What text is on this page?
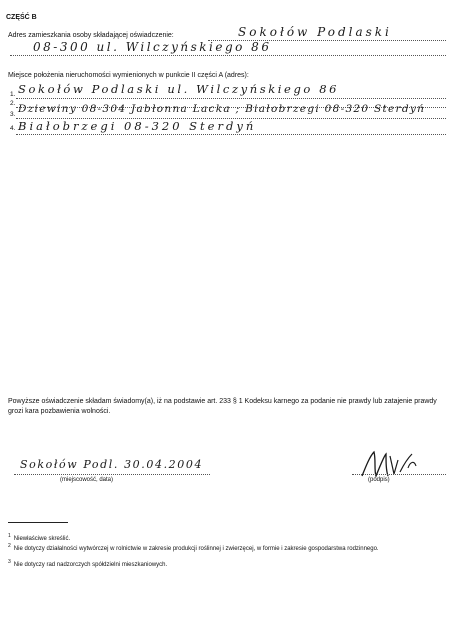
CZĘŚĆ B
Adres zamieszkania osoby składającej oświadczenie:	Sokołów Podlaski
08-300 ul. Wilczyńskiego 86
Miejsce położenia nieruchomości wymienionych w punkcie II części A (adres):
1. Sokołów Podlaski ul. Wilczyńskiego 86
2.
3. Dziewiny 08-304 Jabłonna Lacka ; Białobrzegi 08-320 Sterdyń
4. Białobrzegi 08-320 Sterdyń
Powyższe oświadczenie składam świadomy(a), iż na podstawie art. 233 § 1 Kodeksu karnego za podanie nie prawdy lub zatajenie prawdy grozi kara pozbawienia wolności.
Sokołów Podl. 30.04.2004
(miejscowość, data)	(podpis)
$^1$ Niewłaściwe skreślić.
$^2$ Nie dotyczy działalności wytwórczej w rolnictwie w zakresie produkcji roślinnej i zwierzęcej, w formie i zakresie gospodarstwa rodzinnego.
$^3$ Nie dotyczy rad nadzorczych spółdzielni mieszkaniowych.
